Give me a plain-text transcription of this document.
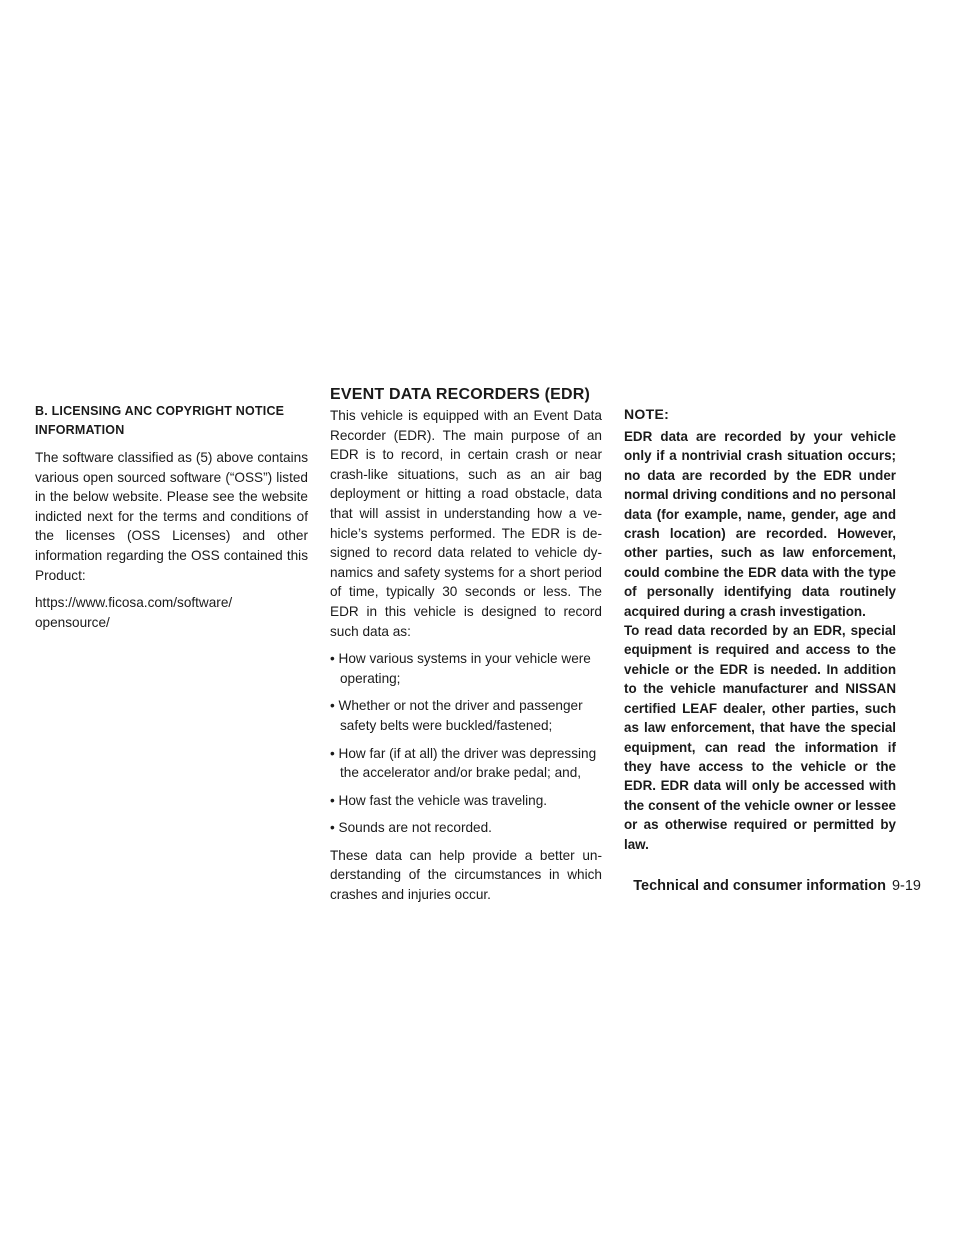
B. LICENSING ANC COPYRIGHT NOTICE INFORMATION

The software classified as (5) above contains various open sourced software (“OSS”) listed in the below website. Please see the website indicted next for the terms and conditions of the licenses (OSS Licenses) and other information regarding the OSS contained this Product:

https://www.ficosa.com/software/ opensource/

EVENT DATA RECORDERS (EDR)

This vehicle is equipped with an Event Data Recorder (EDR). The main purpose of an EDR is to record, in certain crash or near crash-like situations, such as an air bag deployment or hitting a road obstacle, data that will assist in understanding how a vehicle’s systems performed. The EDR is designed to record data related to vehicle dynamics and safety systems for a short period of time, typically 30 seconds or less. The EDR in this vehicle is designed to record such data as:

• How various systems in your vehicle were operating;
• Whether or not the driver and passenger safety belts were buckled/fastened;
• How far (if at all) the driver was depressing the accelerator and/or brake pedal; and,
• How fast the vehicle was traveling.
• Sounds are not recorded.

These data can help provide a better understanding of the circumstances in which crashes and injuries occur.

NOTE:

EDR data are recorded by your vehicle only if a nontrivial crash situation occurs; no data are recorded by the EDR under normal driving conditions and no personal data (for example, name, gender, age and crash location) are recorded. However, other parties, such as law enforcement, could combine the EDR data with the type of personally identifying data routinely acquired during a crash investigation.

To read data recorded by an EDR, special equipment is required and access to the vehicle or the EDR is needed. In addition to the vehicle manufacturer and NISSAN certified LEAF dealer, other parties, such as law enforcement, that have the special equipment, can read the information if they have access to the vehicle or the EDR. EDR data will only be accessed with the consent of the vehicle owner or lessee or as otherwise required or permitted by law.

Technical and consumer information 9-19
